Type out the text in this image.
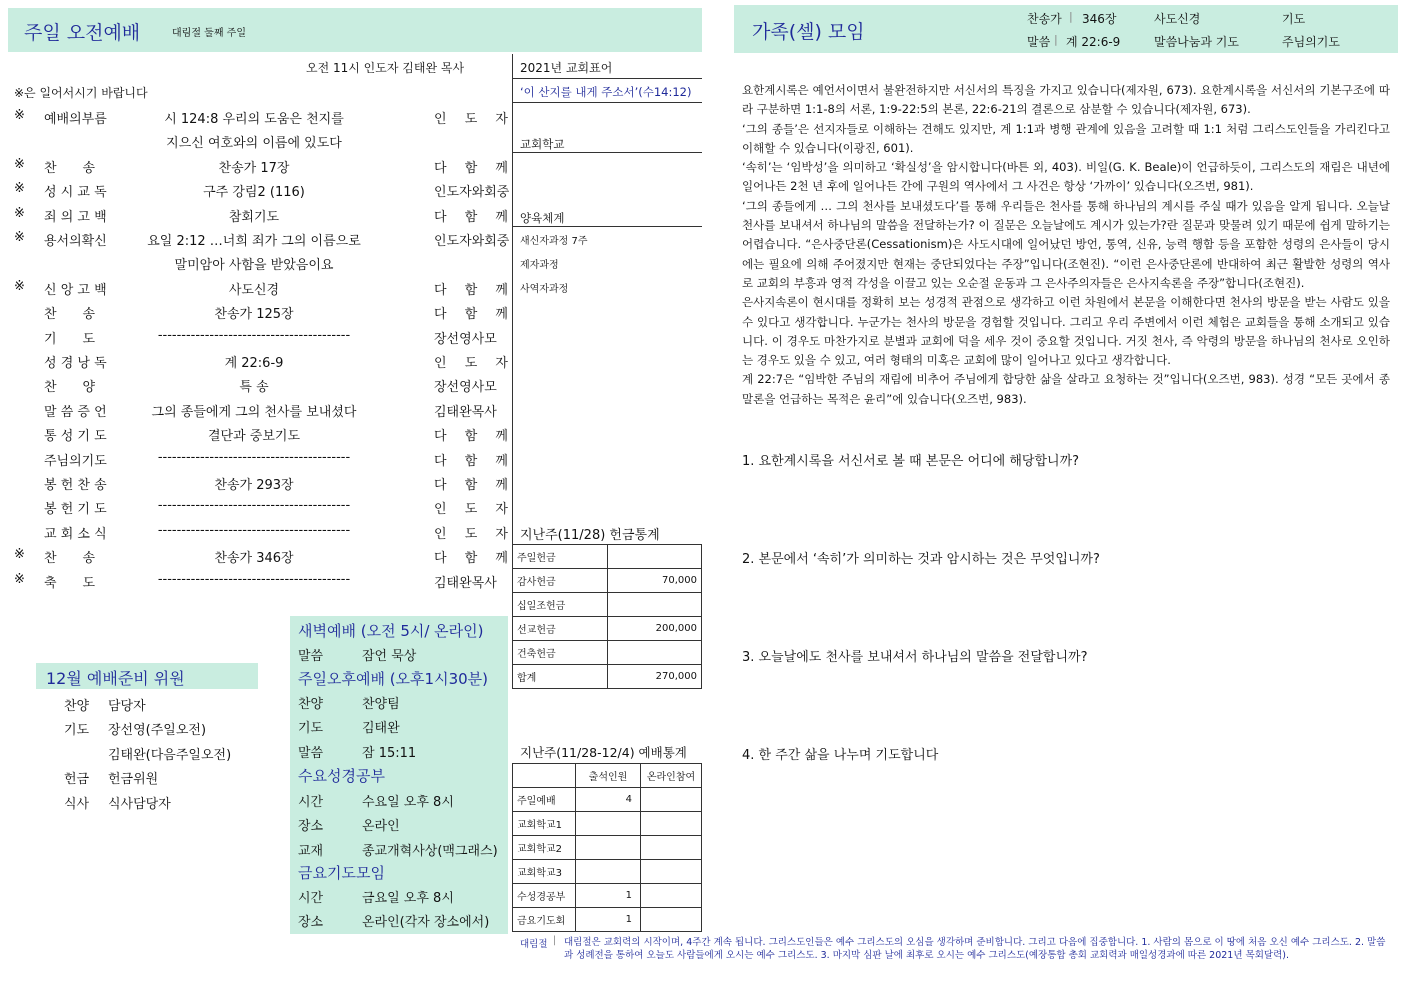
주일 오전예배	대림절 둘째 주일	가족(셀) 모임
찬송가 | 346장	사도신경	기도
말씀 | 계 22:6-9	말씀나눔과 기도	주님의기도
오전 11시 인도자 김태완 목사
※은 일어서시기 바랍니다
※ 예배의부름	시 124:8 우리의 도움은 천지를	인 도 자
지으신 여호와의 이름에 있도다
※ 찬　　송	찬송가 17장	다 함 께
※ 성 시 교 독	구주 강림2 (116)	인도자와회중
※ 죄 의 고 백	참회기도	다 함 께
※ 용서의확신	요일 2:12 …너희 죄가 그의 이름으로	인도자와회중
말미암아 사함을 받았음이요
※ 신 앙 고 백	사도신경	다 함 께
찬　　송	찬송가 125장	다 함 께
기　　도	-----------------------------------------	장선영사모
성 경 낭 독	계 22:6-9	인 도 자
찬　　양	특 송	장선영사모
말 씀 증 언	그의 종들에게 그의 천사를 보내셨다	김태완목사
통 성 기 도	결단과 중보기도	다 함 께
주님의기도	-----------------------------------------	다 함 께
봉 헌 찬 송	찬송가 293장	다 함 께
봉 헌 기 도	-----------------------------------------	인 도 자
교 회 소 식	-----------------------------------------	인 도 자
※ 찬　　송	찬송가 346장	다 함 께
※ 축　　도	-----------------------------------------	김태완목사
2021년 교회표어
‘이 산지를 내게 주소서’(수14:12)
교회학교
양육체계
새신자과정 7주
제자과정
사역자과정
지난주(11/28) 헌금통계
주일헌금	
감사헌금	70,000
십일조헌금	
선교헌금	200,000
건축헌금	
합계	270,000
지난주(11/28-12/4) 예배통계
	출석인원	온라인참여
주일예배	4	
교회학교1		
교회학교2		
교회학교3		
수성경공부	1	
금요기도회	1	
12월 예배준비 위원
찬양 담당자
기도 장선영(주일오전)
김태완(다음주일오전)
헌금 헌금위원
식사 식사담당자
새벽예배 (오전 5시/ 온라인)
말씀	잠언 묵상
주일오후예배 (오후1시30분)
찬양	찬양팀
기도	김태완
말씀	잠 15:11
수요성경공부
시간	수요일 오후 8시
장소	온라인
교재	종교개혁사상(맥그래스)
금요기도모임
시간	금요일 오후 8시
장소	온라인(각자 장소에서)
대림절 | 대림절은 교회력의 시작이며, 4주간 계속 됩니다. 그리스도인들은 예수 그리스도의 오심을 생각하며 준비합니다. 그리고 다음에 집중합니다. 1. 사람의 몸으로 이 땅에 처음 오신 예수 그리스도. 2. 말씀과 성례전을 통하여 오늘도 사람들에게 오시는 예수 그리스도. 3. 마지막 심판 날에 최후로 오시는 예수 그리스도(예장통합 총회 교회력과 매일성경과에 따른 2021년 목회달력).
요한계시록은 예언서이면서 불완전하지만 서신서의 특징을 가지고 있습니다(제자원, 673). 요한계시록을 서신서의 기본구조에 따라 구분하면 1:1-8의 서론, 1:9-22:5의 본론, 22:6-21의 결론으로 삼분할 수 있습니다(제자원, 673).
‘그의 종들’은 선지자들로 이해하는 견해도 있지만, 계 1:1과 병행 관계에 있음을 고려할 때 1:1 처럼 그리스도인들을 가리킨다고 이해할 수 있습니다(이광진, 601).
‘속히’는 ‘임박성’을 의미하고 ‘확실성’을 암시합니다(바튼 외, 403). 비일(G. K. Beale)이 언급하듯이, 그리스도의 재림은 내년에 일어나든 2천 년 후에 일어나든 간에 구원의 역사에서 그 사건은 항상 ‘가까이’ 있습니다(오즈번, 981).
‘그의 종들에게 … 그의 천사를 보내셨도다’를 통해 우리들은 천사를 통해 하나님의 계시를 주실 때가 있음을 알게 됩니다. 오늘날 천사를 보내셔서 하나님의 말씀을 전달하는가? 이 질문은 오늘날에도 계시가 있는가?란 질문과 맞물려 있기 때문에 쉽게 말하기는 어렵습니다. “은사중단론(Cessationism)은 사도시대에 일어났던 방언, 통역, 신유, 능력 행함 등을 포함한 성령의 은사들이 당시에는 필요에 의해 주어졌지만 현재는 중단되었다는 주장”입니다(조현진). “이런 은사중단론에 반대하여 최근 활발한 성령의 역사로 교회의 부흥과 영적 각성을 이끌고 있는 오순절 운동과 그 은사주의자들은 은사지속론을 주장”합니다(조현진).
은사지속론이 현시대를 정확히 보는 성경적 관점으로 생각하고 이런 차원에서 본문을 이해한다면 천사의 방문을 받는 사람도 있을 수 있다고 생각합니다. 누군가는 천사의 방문을 경험할 것입니다. 그리고 우리 주변에서 이런 체험은 교회들을 통해 소개되고 있습니다. 이 경우도 마찬가지로 분별과 교회에 덕을 세우 것이 중요할 것입니다. 거짓 천사, 즉 악령의 방문을 하나님의 천사로 오인하는 경우도 있을 수 있고, 여러 형태의 미혹은 교회에 많이 일어나고 있다고 생각합니다.
계 22:7은 “임박한 주님의 재림에 비추어 주님에게 합당한 삶을 살라고 요청하는 것”입니다(오즈번, 983). 성경 “모든 곳에서 종말론을 언급하는 목적은 윤리”에 있습니다(오즈번, 983).
1. 요한계시록을 서신서로 볼 때 본문은 어디에 해당합니까?
2. 본문에서 ‘속히’가 의미하는 것과 암시하는 것은 무엇입니까?
3. 오늘날에도 천사를 보내셔서 하나님의 말씀을 전달합니까?
4. 한 주간 삶을 나누며 기도합니다
